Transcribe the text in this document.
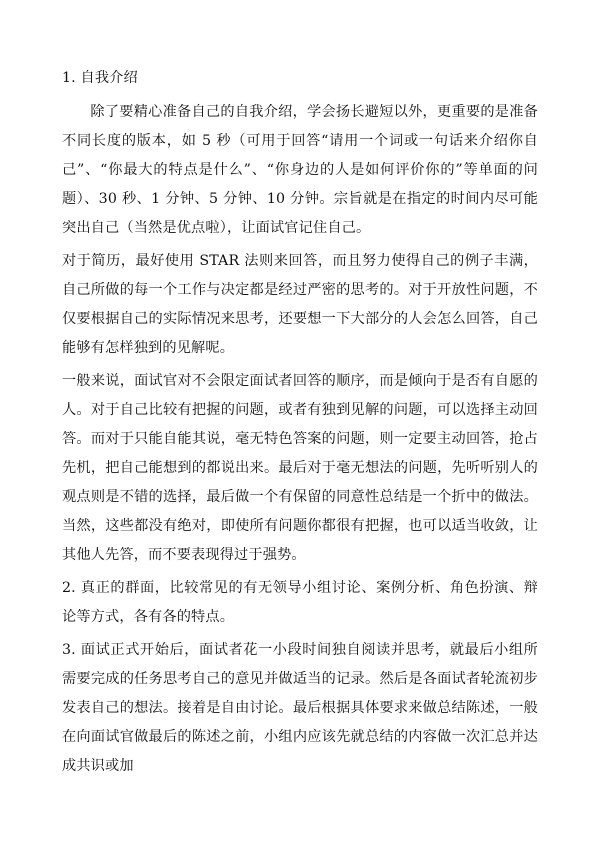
1. 自我介绍

除了要精心准备自己的自我介绍，学会扬长避短以外，更重要的是准备不同长度的版本，如 5 秒（可用于回答“请用一个词或一句话来介绍你自己”、“你最大的特点是什么”、“你身边的人是如何评价你的”等单面的问题）、30 秒、1 分钟、5 分钟、10 分钟。宗旨就是在指定的时间内尽可能突出自己（当然是优点啦），让面试官记住自己。

对于简历，最好使用 STAR 法则来回答，而且努力使得自己的例子丰满，自己所做的每一个工作与决定都是经过严密的思考的。对于开放性问题，不仅要根据自己的实际情况来思考，还要想一下大部分的人会怎么回答，自己能够有怎样独到的见解呢。

一般来说，面试官对不会限定面试者回答的顺序，而是倾向于是否有自愿的人。对于自己比较有把握的问题，或者有独到见解的问题，可以选择主动回答。而对于只能自能其说，毫无特色答案的问题，则一定要主动回答，抢占先机，把自己能想到的都说出来。最后对于毫无想法的问题，先听听别人的观点则是不错的选择，最后做一个有保留的同意性总结是一个折中的做法。当然，这些都没有绝对，即使所有问题你都很有把握，也可以适当收敛，让其他人先答，而不要表现得过于强势。

2. 真正的群面，比较常见的有无领导小组讨论、案例分析、角色扮演、辩论等方式，各有各的特点。

3. 面试正式开始后，面试者花一小段时间独自阅读并思考，就最后小组所需要完成的任务思考自己的意见并做适当的记录。然后是各面试者轮流初步发表自己的想法。接着是自由讨论。最后根据具体要求来做总结陈述，一般在向面试官做最后的陈述之前，小组内应该先就总结的内容做一次汇总并达成共识或加
